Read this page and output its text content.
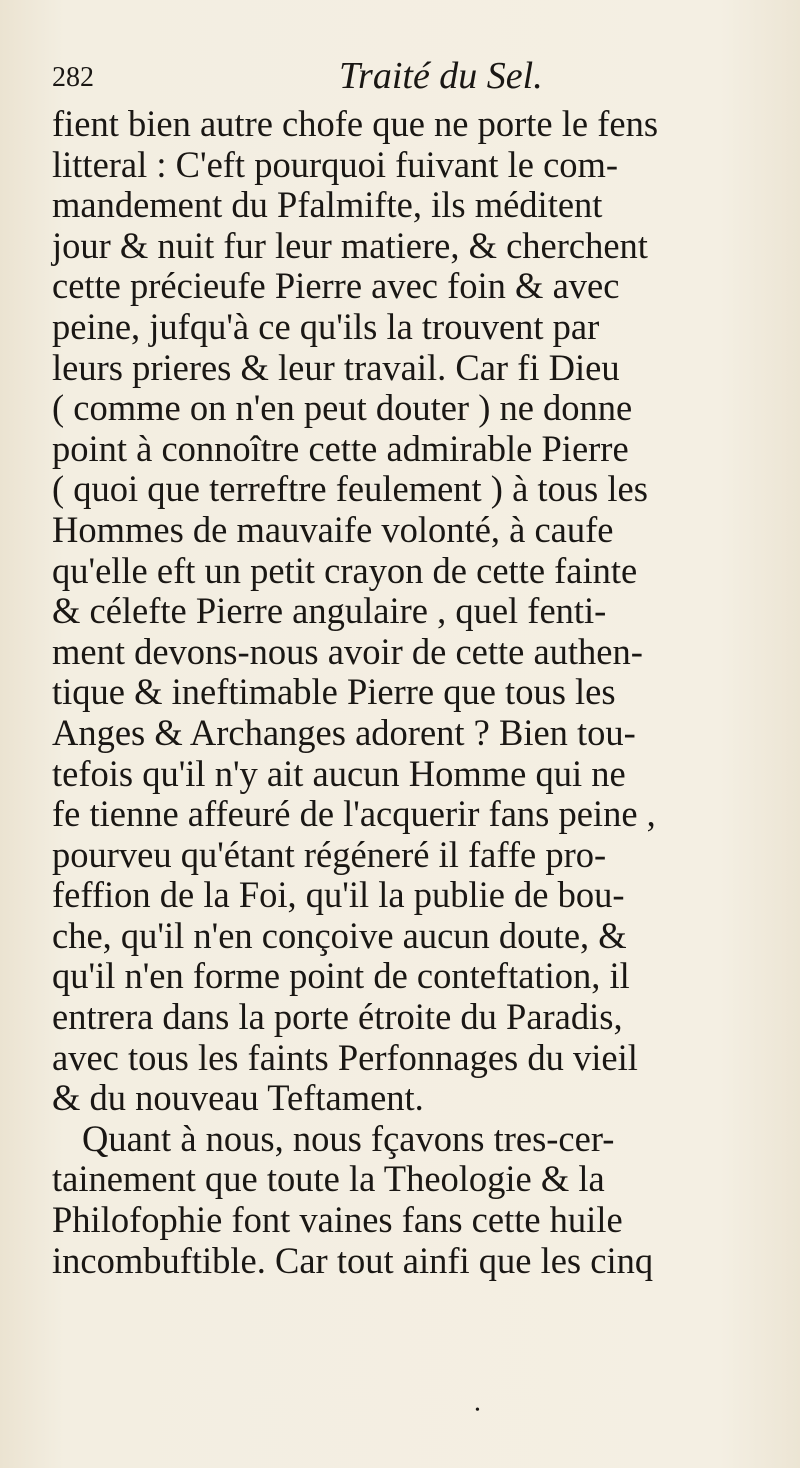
282	Traité du Sel.
fient bien autre chofe que ne porte le fens
litteral : C'eft pourquoi fuivant le com-
mandement du Pfalmifte, ils méditent
jour & nuit fur leur matiere, & cherchent
cette précieufe Pierre avec foin & avec
peine, jufqu'à ce qu'ils la trouvent par
leurs prieres & leur travail. Car fi Dieu
( comme on n'en peut douter ) ne donne
point à connoître cette admirable Pierre
( quoi que terreftre feulement ) à tous les
Hommes de mauvaife volonté, à caufe
qu'elle eft un petit crayon de cette fainte
& célefte Pierre angulaire , quel fenti-
ment devons-nous avoir de cette authen-
tique & ineftimable Pierre que tous les
Anges & Archanges adorent ? Bien tou-
tefois qu'il n'y ait aucun Homme qui ne
fe tienne affeuré de l'acquerir fans peine ,
pourveu qu'étant régéneré il faffe pro-
feffion de la Foi, qu'il la publie de bou-
che, qu'il n'en conçoive aucun doute, &
qu'il n'en forme point de conteftation, il
entrera dans la porte étroite du Paradis,
avec tous les faints Perfonnages du vieil
& du nouveau Teftament.
Quant à nous, nous fçavons tres-cer-
tainement que toute la Theologie & la
Philofophie font vaines fans cette huile
incombuftible. Car tout ainfi que les cinq
•
